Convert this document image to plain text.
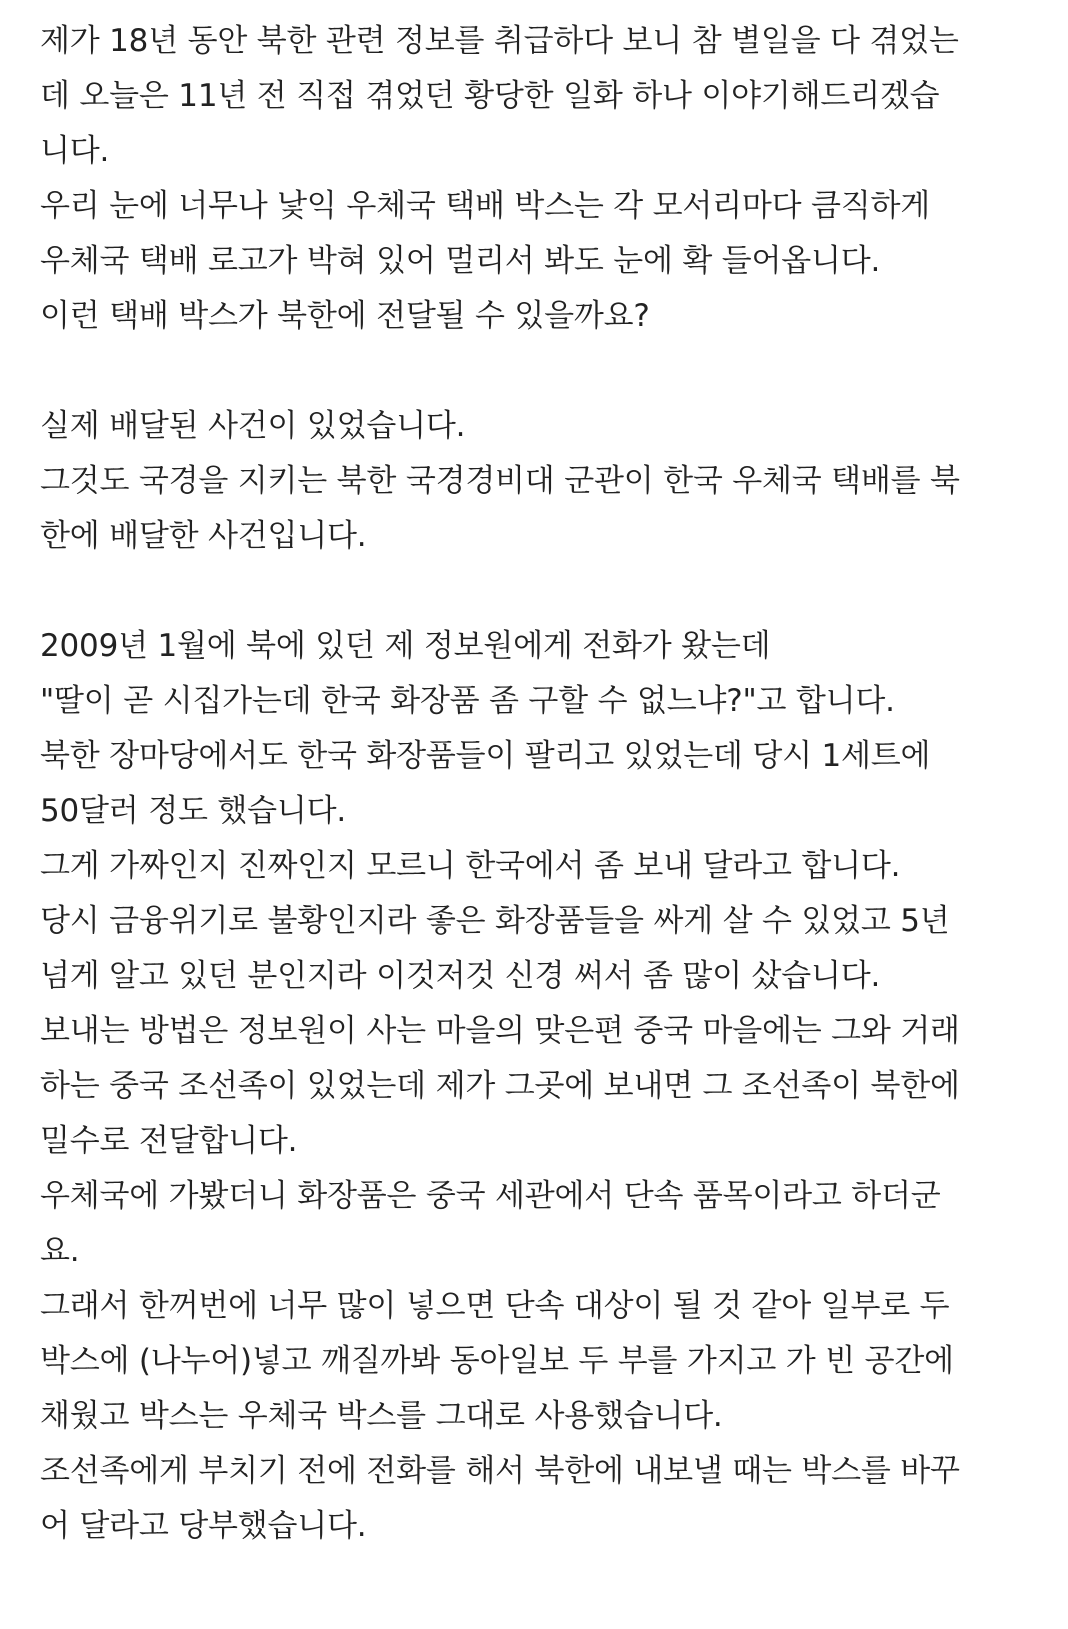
제가 18년 동안 북한 관련 정보를 취급하다 보니 참 별일을 다 겪었는
데 오늘은 11년 전 직접 겪었던 황당한 일화 하나 이야기해드리겠습
니다.
우리 눈에 너무나 낯익 우체국 택배 박스는 각 모서리마다 큼직하게
우체국 택배 로고가 박혀 있어 멀리서 봐도 눈에 확 들어옵니다.
이런 택배 박스가 북한에 전달될 수 있을까요?
실제 배달된 사건이 있었습니다.
그것도 국경을 지키는 북한 국경경비대 군관이 한국 우체국 택배를 북
한에 배달한 사건입니다.
2009년 1월에 북에 있던 제 정보원에게 전화가 왔는데
"딸이 곧 시집가는데 한국 화장품 좀 구할 수 없느냐?"고 합니다.
북한 장마당에서도 한국 화장품들이 팔리고 있었는데 당시 1세트에
50달러 정도 했습니다.
그게 가짜인지 진짜인지 모르니 한국에서 좀 보내 달라고 합니다.
당시 금융위기로 불황인지라 좋은 화장품들을 싸게 살 수 있었고 5년
넘게 알고 있던 분인지라 이것저것 신경 써서 좀 많이 샀습니다.
보내는 방법은 정보원이 사는 마을의 맞은편 중국 마을에는 그와 거래
하는 중국 조선족이 있었는데 제가 그곳에 보내면 그 조선족이 북한에
밀수로 전달합니다.
우체국에 가봤더니 화장품은 중국 세관에서 단속 품목이라고 하더군
요.
그래서 한꺼번에 너무 많이 넣으면 단속 대상이 될 것 같아 일부로 두
박스에 (나누어)넣고 깨질까봐 동아일보 두 부를 가지고 가 빈 공간에
채웠고 박스는 우체국 박스를 그대로 사용했습니다.
조선족에게 부치기 전에 전화를 해서 북한에 내보낼 때는 박스를 바꾸
어 달라고 당부했습니다.
